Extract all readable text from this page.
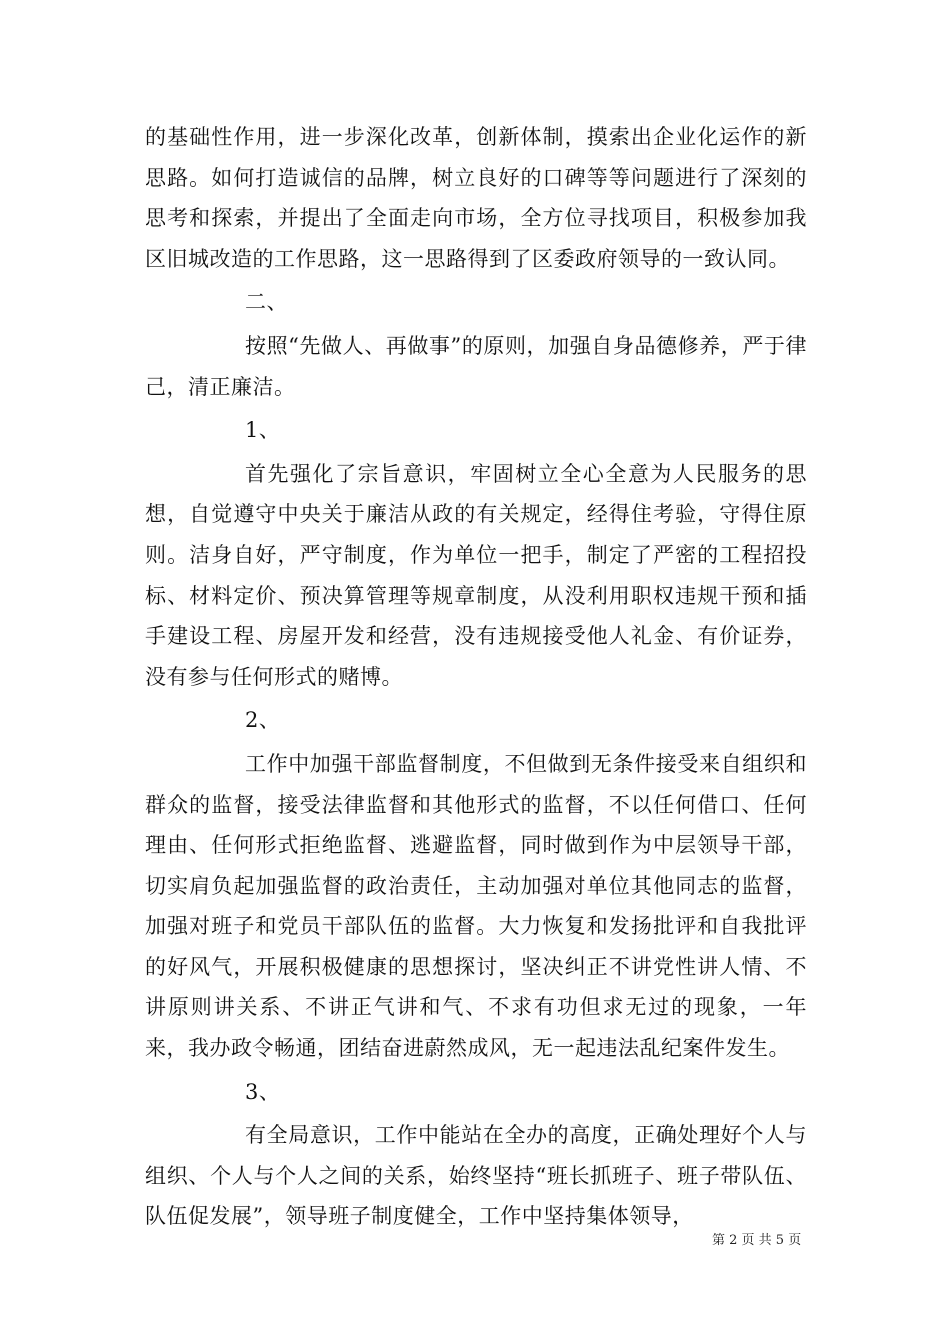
的基础性作用，进一步深化改革，创新体制，摸索出企业化运作的新思路。如何打造诚信的品牌，树立良好的口碑等等问题进行了深刻的思考和探索，并提出了全面走向市场，全方位寻找项目，积极参加我区旧城改造的工作思路，这一思路得到了区委政府领导的一致认同。

二、

按照“先做人、再做事”的原则，加强自身品德修养，严于律己，清正廉洁。

1、

首先强化了宗旨意识，牢固树立全心全意为人民服务的思想，自觉遵守中央关于廉洁从政的有关规定，经得住考验，守得住原则。洁身自好，严守制度，作为单位一把手，制定了严密的工程招投标、材料定价、预决算管理等规章制度，从没利用职权违规干预和插手建设工程、房屋开发和经营，没有违规接受他人礼金、有价证券，没有参与任何形式的赌博。

2、

工作中加强干部监督制度，不但做到无条件接受来自组织和群众的监督，接受法律监督和其他形式的监督，不以任何借口、任何理由、任何形式拒绝监督、逃避监督，同时做到作为中层领导干部，切实肩负起加强监督的政治责任，主动加强对单位其他同志的监督，加强对班子和党员干部队伍的监督。大力恢复和发扬批评和自我批评的好风气，开展积极健康的思想探讨，坚决纠正不讲党性讲人情、不讲原则讲关系、不讲正气讲和气、不求有功但求无过的现象，一年来，我办政令畅通，团结奋进蔚然成风，无一起违法乱纪案件发生。

3、

有全局意识，工作中能站在全办的高度，正确处理好个人与组织、个人与个人之间的关系，始终坚持“班长抓班子、班子带队伍、队伍促发展”，领导班子制度健全，工作中坚持集体领导，

第 2 页 共 5 页
